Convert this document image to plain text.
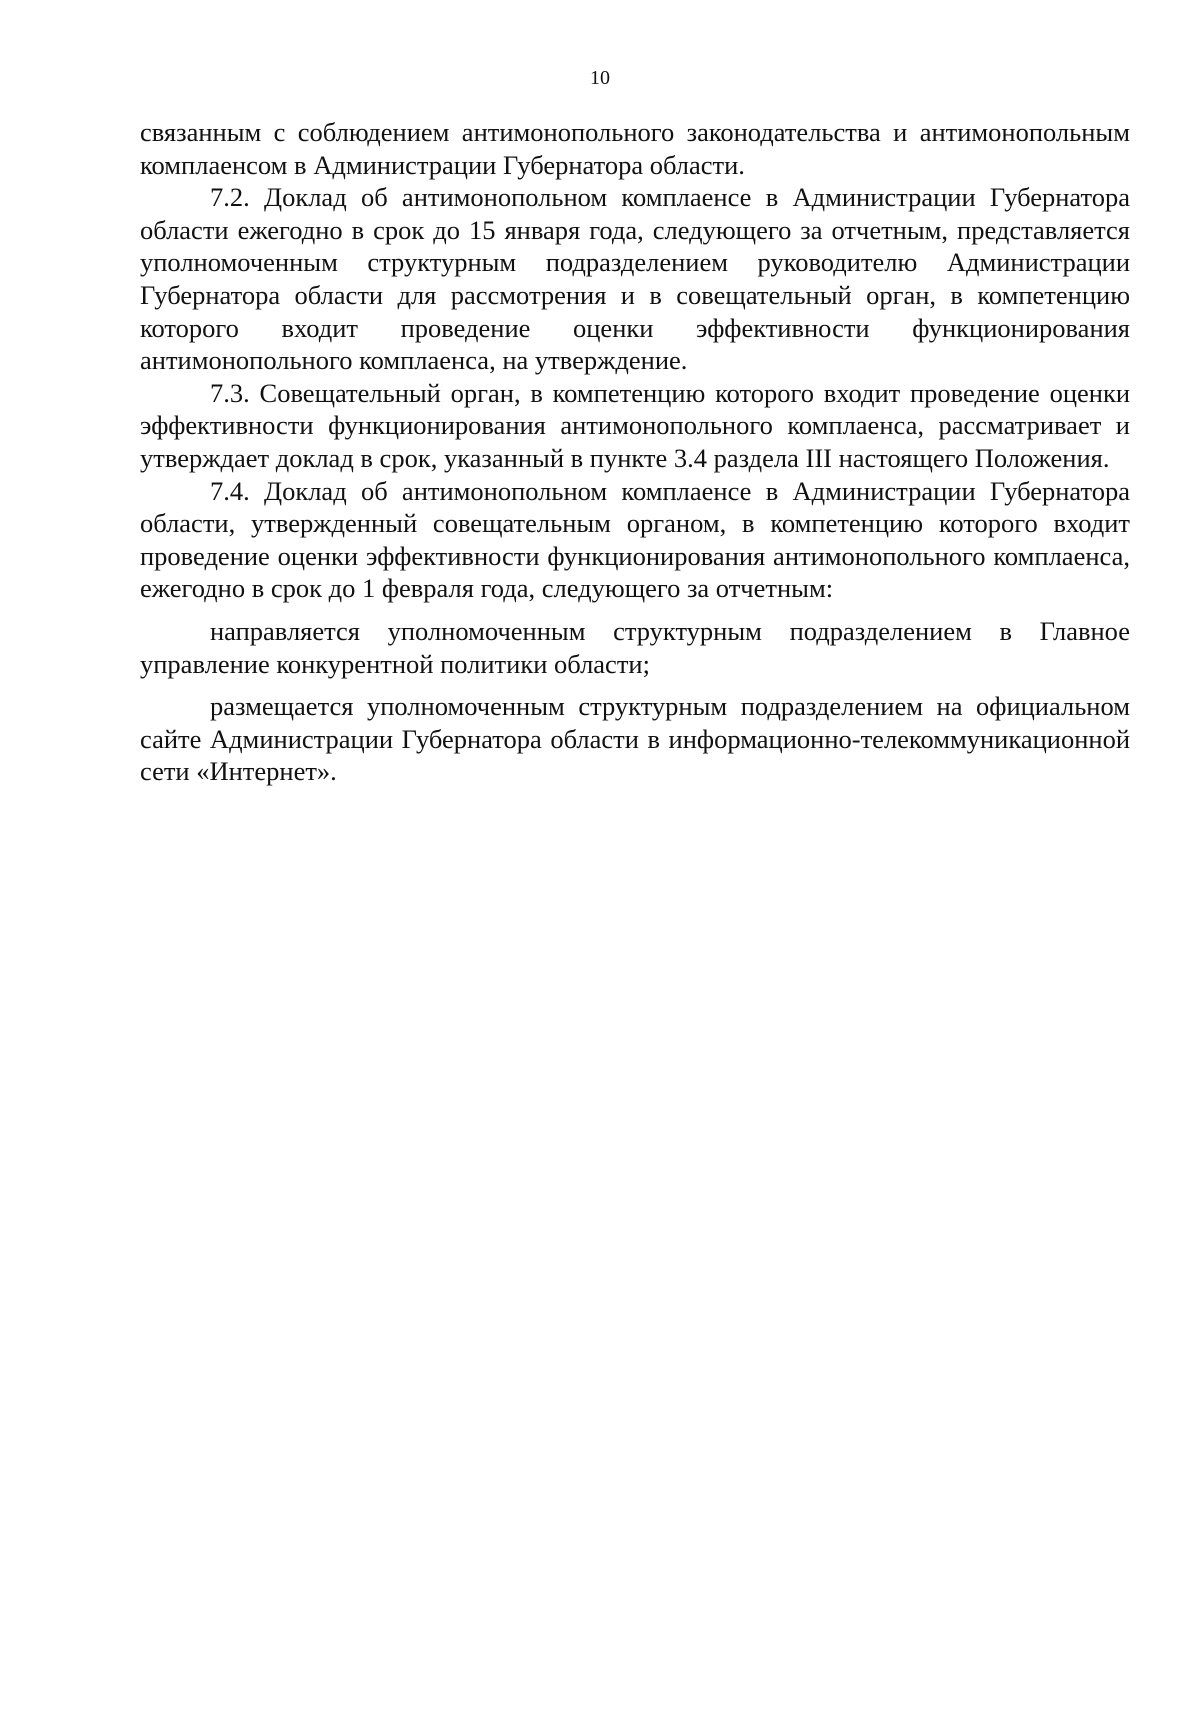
10

связанным с соблюдением антимонопольного законодательства и антимонопольным комплаенсом в Администрации Губернатора области.

7.2. Доклад об антимонопольном комплаенсе в Администрации Губернатора области ежегодно в срок до 15 января года, следующего за отчетным, представляется уполномоченным структурным подразделением руководителю Администрации Губернатора области для рассмотрения и в совещательный орган, в компетенцию которого входит проведение оценки эффективности функционирования антимонопольного комплаенса, на утверждение.

7.3. Совещательный орган, в компетенцию которого входит проведение оценки эффективности функционирования антимонопольного комплаенса, рассматривает и утверждает доклад в срок, указанный в пункте 3.4 раздела III настоящего Положения.

7.4. Доклад об антимонопольном комплаенсе в Администрации Губернатора области, утвержденный совещательным органом, в компетенцию которого входит проведение оценки эффективности функционирования антимонопольного комплаенса, ежегодно в срок до 1 февраля года, следующего за отчетным:

направляется уполномоченным структурным подразделением в Главное управление конкурентной политики области;

размещается уполномоченным структурным подразделением на официальном сайте Администрации Губернатора области в информационно-телекоммуникационной сети «Интернет».
